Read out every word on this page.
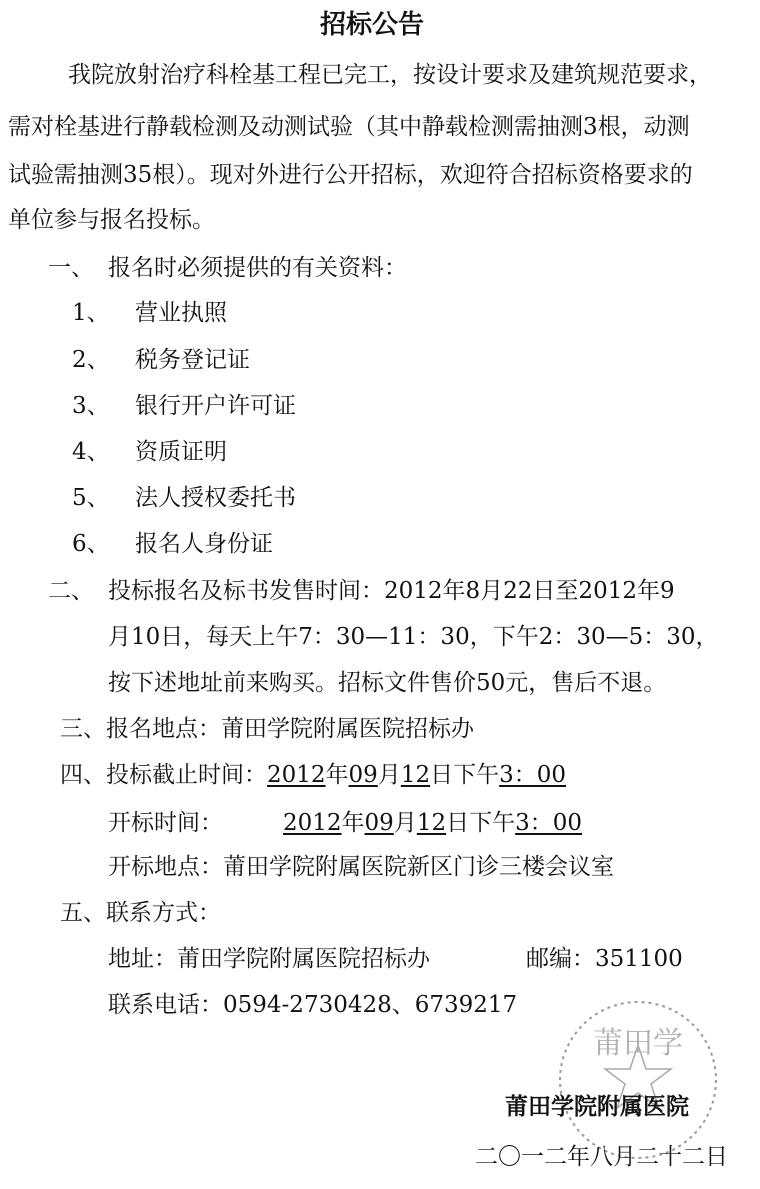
招标公告
我院放射治疗科栓基工程已完工，按设计要求及建筑规范要求，
需对栓基进行静载检测及动测试验（其中静载检测需抽测3根，动测
试验需抽测35根）。现对外进行公开招标，欢迎符合招标资格要求的
单位参与报名投标。
一、 报名时必须提供的有关资料：
1、 营业执照
2、 税务登记证
3、 银行开户许可证
4、 资质证明
5、 法人授权委托书
6、 报名人身份证
二、 投标报名及标书发售时间：2012年8月22日至2012年9
月10日，每天上午7：30—11：30，下午2：30—5：30，
按下述地址前来购买。招标文件售价50元，售后不退。
三、报名地点：莆田学院附属医院招标办
四、投标截止时间：2012年09月12日下午3：00
开标时间：	2012年09月12日下午3：00
开标地点：莆田学院附属医院新区门诊三楼会议室
五、联系方式：
地址：莆田学院附属医院招标办	邮编：351100
联系电话：0594-2730428、6739217
莆田学
莆田学院附属医院
二〇一二年八月二十二日
